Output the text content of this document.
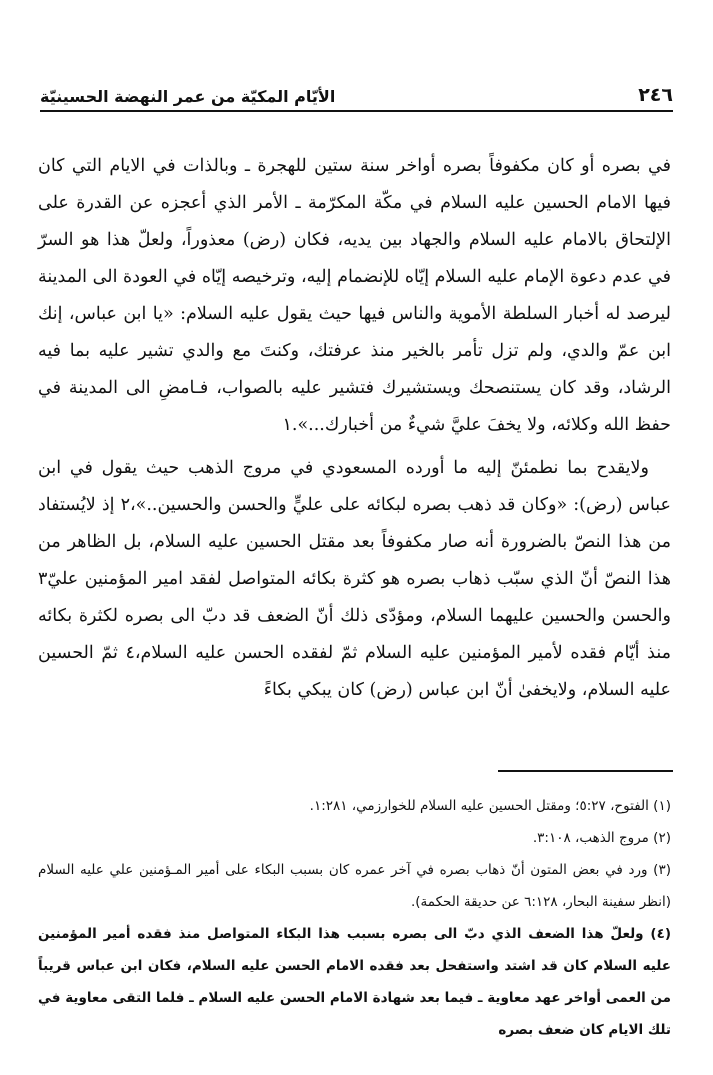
٢٤٦
الأيّام المكيّة من عمر النهضة الحسينيّة

في بصره أو كان مكفوفاً بصره أواخر سنة ستين للهجرة ـ وبالذات في الايام التي كان فيها الامام الحسين عليه السلام في مكّة المكرّمة ـ الأمر الذي أعجزه عن القدرة على الإلتحاق بالامام عليه السلام والجهاد بين يديه، فكان (رض) معذوراً، ولعلّ هذا هو السرّ في عدم دعوة الإمام عليه السلام إيّاه للإنضمام إليه، وترخيصه إيّاه في العودة الى المدينة ليرصد له أخبار السلطة الأموية والناس فيها حيث يقول عليه السلام: «يا ابن عباس، إنك ابن عمّ والدي، ولم تزل تأمر بالخير منذ عرفتك، وكنتَ مع والدي تشير عليه بما فيه الرشاد، وقد كان يستنصحك ويستشيرك فتشير عليه بالصواب، فـامضِ الى المدينة في حفظ الله وكلائه، ولا يخفَ عليَّ شيءٌ من أخبارك...».١

ولايقدح بما نطمئنّ إليه ما أورده المسعودي في مروج الذهب حيث يقول في ابن عباس (رض): «وكان قد ذهب بصره لبكائه على عليٍّ والحسن والحسين..»،٢ إذ لايُستفاد من هذا النصّ بالضرورة أنه صار مكفوفاً بعد مقتل الحسين عليه السلام، بل الظاهر من هذا النصّ أنّ الذي سبّب ذهاب بصره هو كثرة بكائه المتواصل لفقد امير المؤمنين عليّ٣ والحسن والحسين عليهما السلام، ومؤدّى ذلك أنّ الضعف قد دبّ الى بصره لكثرة بكائه منذ أيّام فقده لأمير المؤمنين عليه السلام ثمّ لفقده الحسن عليه السلام،٤ ثمّ الحسين عليه السلام، ولايخفىٰ أنّ ابن عباس (رض) كان يبكي بكاءً

(١) الفتوح، ٥:٢٧؛ ومقتل الحسين عليه السلام للخوارزمي، ١:٢٨١.

(٢) مروج الذهب، ٣:١٠٨.

(٣) ورد في بعض المتون أنّ ذهاب بصره في آخر عمره كان بسبب البكاء على أمير المـؤمنين علي عليه السلام (انظر سفينة البحار، ٦:١٢٨ عن حديقة الحكمة).

(٤) ولعلّ هذا الضعف الذي دبّ الى بصره بسبب هذا البكاء المتواصل منذ فقده أمير المؤمنين عليه السلام كان قد اشتد واستفحل بعد فقده الامام الحسن عليه السلام، فكان ابن عباس قريباً من العمى أواخر عهد معاوية ـ فيما بعد شهادة الامام الحسن عليه السلام ـ فلما التقى معاوية في تلك الايام كان ضعف بصره
